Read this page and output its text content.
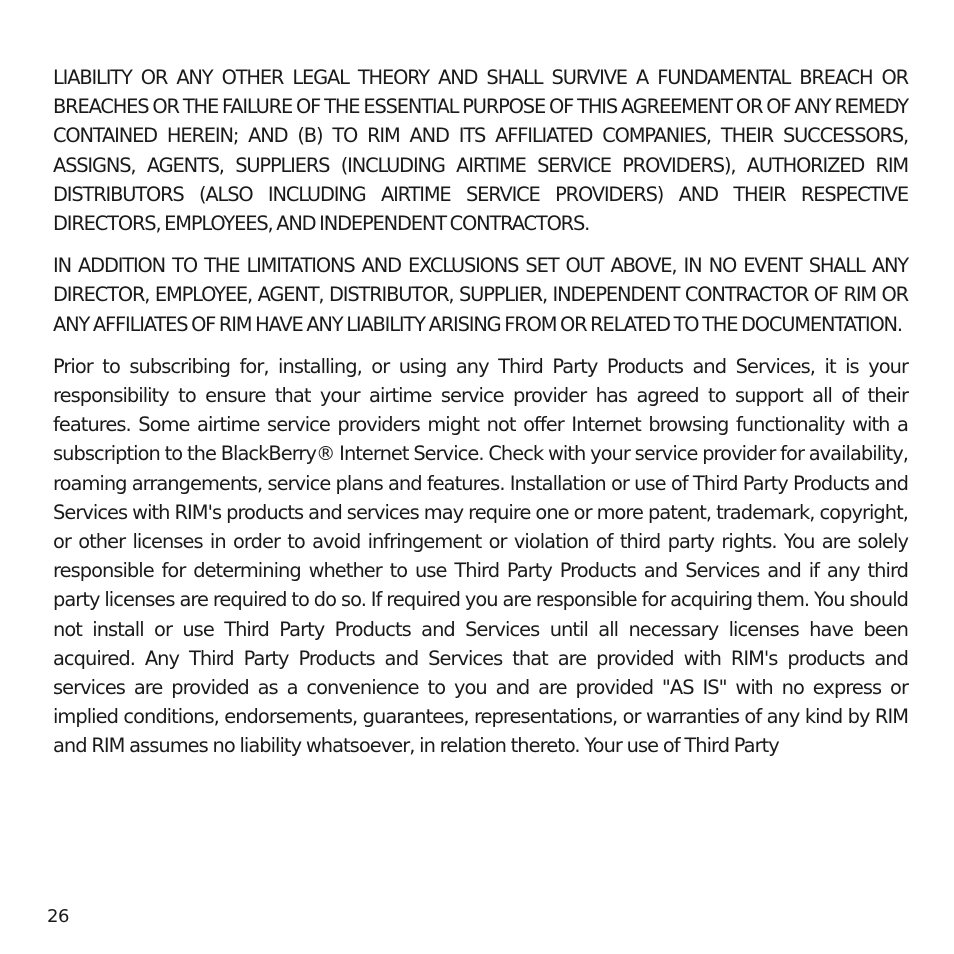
LIABILITY OR ANY OTHER LEGAL THEORY AND SHALL SURVIVE A FUNDAMENTAL BREACH OR BREACHES OR THE FAILURE OF THE ESSENTIAL PURPOSE OF THIS AGREEMENT OR OF ANY REMEDY CONTAINED HEREIN; AND (B) TO RIM AND ITS AFFILIATED COMPANIES, THEIR SUCCESSORS, ASSIGNS, AGENTS, SUPPLIERS (INCLUDING AIRTIME SERVICE PROVIDERS), AUTHORIZED RIM DISTRIBUTORS (ALSO INCLUDING AIRTIME SERVICE PROVIDERS) AND THEIR RESPECTIVE DIRECTORS, EMPLOYEES, AND INDEPENDENT CONTRACTORS.

IN ADDITION TO THE LIMITATIONS AND EXCLUSIONS SET OUT ABOVE, IN NO EVENT SHALL ANY DIRECTOR, EMPLOYEE, AGENT, DISTRIBUTOR, SUPPLIER, INDEPENDENT CONTRACTOR OF RIM OR ANY AFFILIATES OF RIM HAVE ANY LIABILITY ARISING FROM OR RELATED TO THE DOCUMENTATION.

Prior to subscribing for, installing, or using any Third Party Products and Services, it is your responsibility to ensure that your airtime service provider has agreed to support all of their features. Some airtime service providers might not offer Internet browsing functionality with a subscription to the BlackBerry® Internet Service. Check with your service provider for availability, roaming arrangements, service plans and features. Installation or use of Third Party Products and Services with RIM's products and services may require one or more patent, trademark, copyright, or other licenses in order to avoid infringement or violation of third party rights. You are solely responsible for determining whether to use Third Party Products and Services and if any third party licenses are required to do so. If required you are responsible for acquiring them. You should not install or use Third Party Products and Services until all necessary licenses have been acquired. Any Third Party Products and Services that are provided with RIM's products and services are provided as a convenience to you and are provided "AS IS" with no express or implied conditions, endorsements, guarantees, representations, or warranties of any kind by RIM and RIM assumes no liability whatsoever, in relation thereto. Your use of Third Party

26
